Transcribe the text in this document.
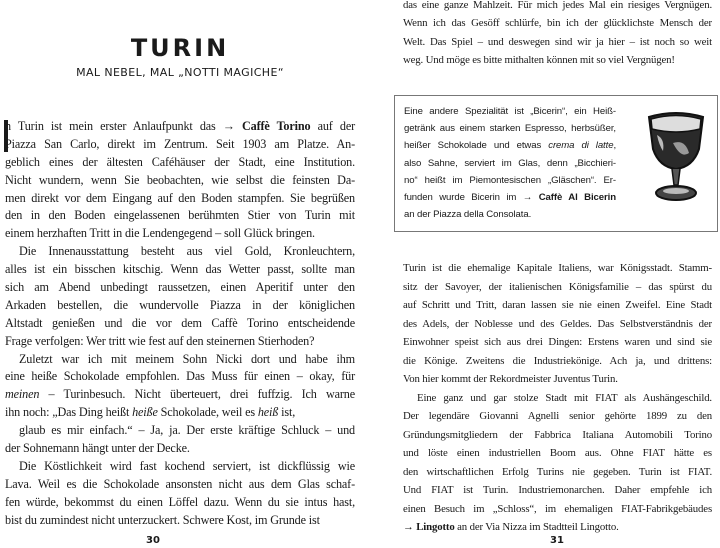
TURIN
MAL NEBEL, MAL „NOTTI MAGICHE“
n Turin ist mein erster Anlaufpunkt das → Caffè Torino auf der
Piazza San Carlo, direkt im Zentrum. Seit 1903 am Platze. An-
geblich eines der ältesten Caféhäuser der Stadt, eine Institution.
Nicht wundern, wenn Sie beobachten, wie selbst die feinsten Da-
men direkt vor dem Eingang auf den Boden stampfen. Sie begrüßen
den in den Boden eingelassenen berühmten Stier von Turin mit
einem herzhaften Tritt in die Lendengegend – soll Glück bringen.
Die Innenausstattung besteht aus viel Gold, Kronleuchtern,
alles ist ein bisschen kitschig. Wenn das Wetter passt, sollte man
sich am Abend unbedingt raussetzen, einen Aperitif unter den
Arkaden bestellen, die wundervolle Piazza in der königlichen
Altstadt genießen und die vor dem Caffè Torino entscheidende
Frage verfolgen: Wer tritt wie fest auf den steinernen Stierhoden?
Zuletzt war ich mit meinem Sohn Nicki dort und habe ihm
eine heiße Schokolade empfohlen. Das Muss für einen – okay, für
meinen – Turinbesuch. Nicht überteuert, drei fuffzig. Ich warne
ihn noch: „Das Ding heißt heiße Schokolade, weil es heiß ist,
glaub es mir einfach.“ – Ja, ja. Der erste kräftige Schluck – und
der Sohnemann hängt unter der Decke.
Die Köstlichkeit wird fast kochend serviert, ist dickflüssig wie
Lava. Weil es die Schokolade ansonsten nicht aus dem Glas schaf-
fen würde, bekommst du einen Löffel dazu. Wenn du sie intus hast,
bist du zumindest nicht unterzuckert. Schwere Kost, im Grunde ist
30
das eine ganze Mahlzeit. Für mich jedes Mal ein riesiges Vergnügen.
Wenn ich das Gesöff schlürfe, bin ich der glücklichste Mensch der
Welt. Das Spiel – und deswegen sind wir ja hier – ist noch so weit
weg. Und möge es bitte mithalten können mit so viel Vergnügen!
Turin ist die ehemalige Kapitale Italiens, war Königsstadt. Stamm-
sitz der Savoyer, der italienischen Königsfamilie – das spürst du
auf Schritt und Tritt, daran lassen sie nie einen Zweifel. Eine Stadt
des Adels, der Noblesse und des Geldes. Das Selbstverständnis der
Einwohner speist sich aus drei Dingen: Erstens waren und sind sie
die Könige. Zweitens die Industriekönige. Ach ja, und drittens:
Von hier kommt der Rekordmeister Juventus Turin.
Eine ganz und gar stolze Stadt mit FIAT als Aushängeschild.
Der legendäre Giovanni Agnelli senior gehörte 1899 zu den
Gründungsmitgliedern der Fabbrica Italiana Automobili Torino
und löste einen industriellen Boom aus. Ohne FIAT hätte es
den wirtschaftlichen Erfolg Turins nie gegeben. Turin ist FIAT.
Und FIAT ist Turin. Industriemonarchen. Daher empfehle ich
einen Besuch im „Schloss“, im ehemaligen FIAT-Fabrikgebäudes
→ Lingotto an der Via Nizza im Stadtteil Lingotto.
31
Eine andere Spezialität ist „Bicerin“, ein Heiß-
getränk aus einem starken Espresso, herbsüßer,
heißer Schokolade und etwas crema di latte,
also Sahne, serviert im Glas, denn „Bicchieri-
no“ heißt im Piemontesischen „Gläschen“. Er-
funden wurde Bicerin im → Caffè Al Bicerin
an der Piazza della Consolata.
